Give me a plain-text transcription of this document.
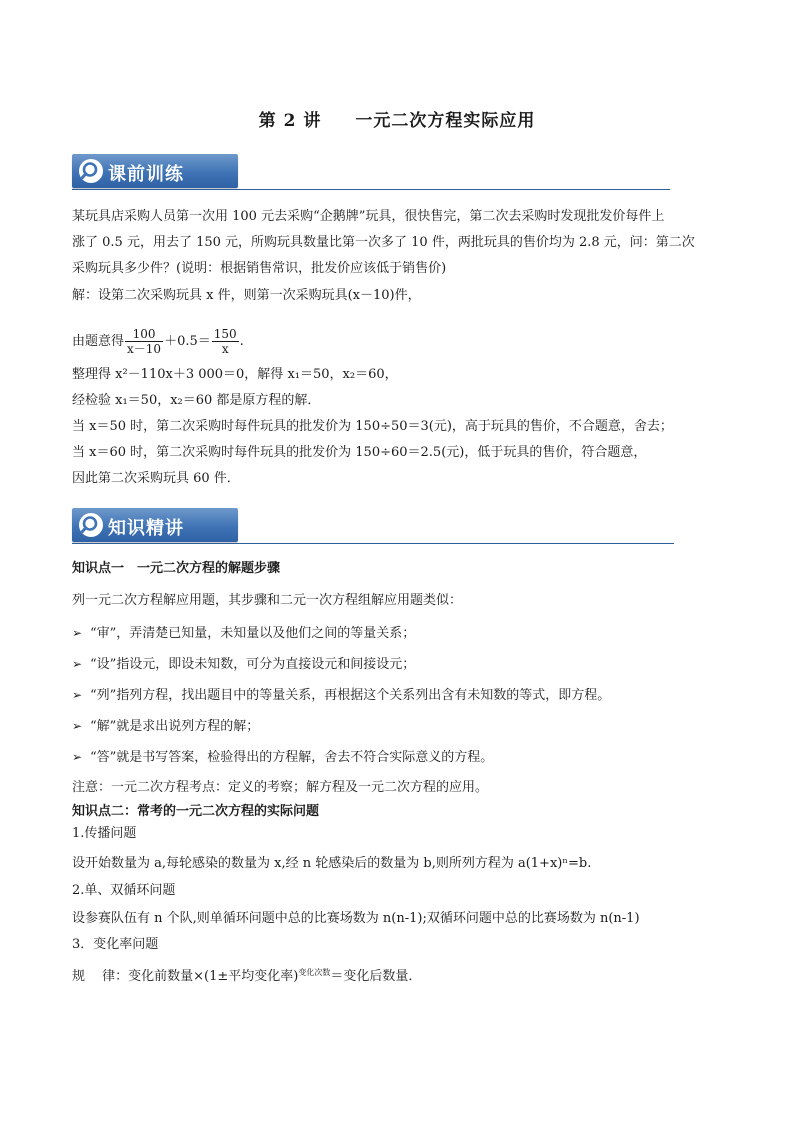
第 2 讲 一元二次方程实际应用
课前训练
某玩具店采购人员第一次用 100 元去采购“企鹅牌”玩具，很快售完，第二次去采购时发现批发价每件上
涨了 0.5 元，用去了 150 元，所购玩具数量比第一次多了 10 件，两批玩具的售价均为 2.8 元，问：第二次
采购玩具多少件？(说明：根据销售常识，批发价应该低于销售价)
解：设第二次采购玩具 x 件，则第一次采购玩具(x－10)件，
由题意得 $\frac{100}{x-10} +0.5= \frac{150}{x}$ .
整理得 x²－110x＋3 000＝0，解得 x₁＝50，x₂＝60，
经检验 x₁＝50，x₂＝60 都是原方程的解．
当 x＝50 时，第二次采购时每件玩具的批发价为 150÷50＝3(元)，高于玩具的售价，不合题意，舍去；
当 x＝60 时，第二次采购时每件玩具的批发价为 150÷60＝2.5(元)，低于玩具的售价，符合题意，
因此第二次采购玩具 60 件．
知识精讲
知识点一　一元二次方程的解题步骤
列一元二次方程解应用题，其步骤和二元一次方程组解应用题类似：
➢ “审”，弄清楚已知量，未知量以及他们之间的等量关系；
➢ “设”指设元，即设未知数，可分为直接设元和间接设元；
➢ “列”指列方程，找出题目中的等量关系，再根据这个关系列出含有未知数的等式，即方程。
➢ “解”就是求出说列方程的解；
➢ “答”就是书写答案，检验得出的方程解，舍去不符合实际意义的方程。
注意：一元二次方程考点：定义的考察；解方程及一元二次方程的应用。
知识点二：常考的一元二次方程的实际问题
1.传播问题
设开始数量为 a,每轮感染的数量为 x,经 n 轮感染后的数量为 b,则所列方程为 a(1+x)ⁿ=b.
2.单、双循环问题
设参赛队伍有 n 个队,则单循环问题中总的比赛场数为 n(n-1);双循环问题中总的比赛场数为 n(n-1)
3．变化率问题
规　 律：变化前数量×(1±平均变化率)$^{变化次数}$＝变化后数量．
